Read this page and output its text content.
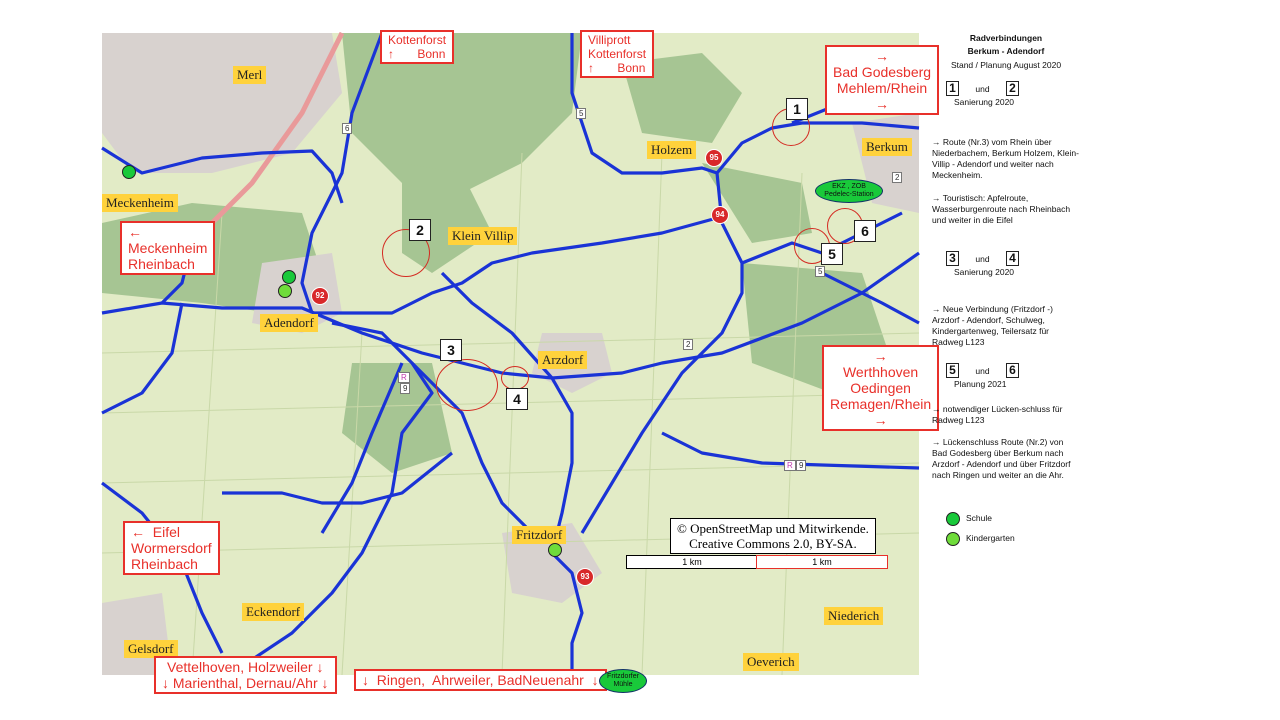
Merl
Meckenheim
Holzem	Berkum
Klein Villip
Adendorf
Arzdorf
Fritzdorf
Eckendorf
Gelsdorf
Niederich
Oeverich
Kottenforst
↑       Bonn
Villiprott
Kottenforst
↑       Bonn
→
Bad Godesberg
Mehlem/Rhein
→
←
Meckenheim
Rheinbach
→
Werthhoven
Oedingen
Remagen/Rhein
→
←  Eifel
Wormersdorf
Rheinbach
Vettelhoven, Holzweiler ↓
↓ Marienthal, Dernau/Ahr ↓	↓  Ringen,  Ahrweiler, BadNeuenahr  ↓
1
2
3
4
5
6
95
94
92
93
6
5
5
2
2
R
9
R 9
EKZ , ZOB Pedelec-Station
Fritzdorfer Mühle
© OpenStreetMap und Mitwirkende.
Creative Commons 2.0, BY-SA.
1 km	1 km
Radverbindungen
Berkum - Adendorf
Stand / Planung August 2020
1 und 2
Sanierung 2020
→ Route (Nr.3) vom Rhein über Niederbachem, Berkum Holzem, Klein-Villip - Adendorf und weiter nach Meckenheim.
→ Touristisch: Apfelroute, Wasserburgenroute nach Rheinbach und weiter in die Eifel
3 und 4
Sanierung 2020
→ Neue Verbindung (Fritzdorf -) Arzdorf - Adendorf, Schulweg, Kindergartenweg, Teilersatz für Radweg L123
5 und 6
Planung 2021
→ notwendiger Lücken-schluss für Radweg L123
→ Lückenschluss Route (Nr.2) von Bad Godesberg über Berkum nach Arzdorf - Adendorf und über Fritzdorf nach Ringen und weiter an die Ahr.
Schule
Kindergarten
